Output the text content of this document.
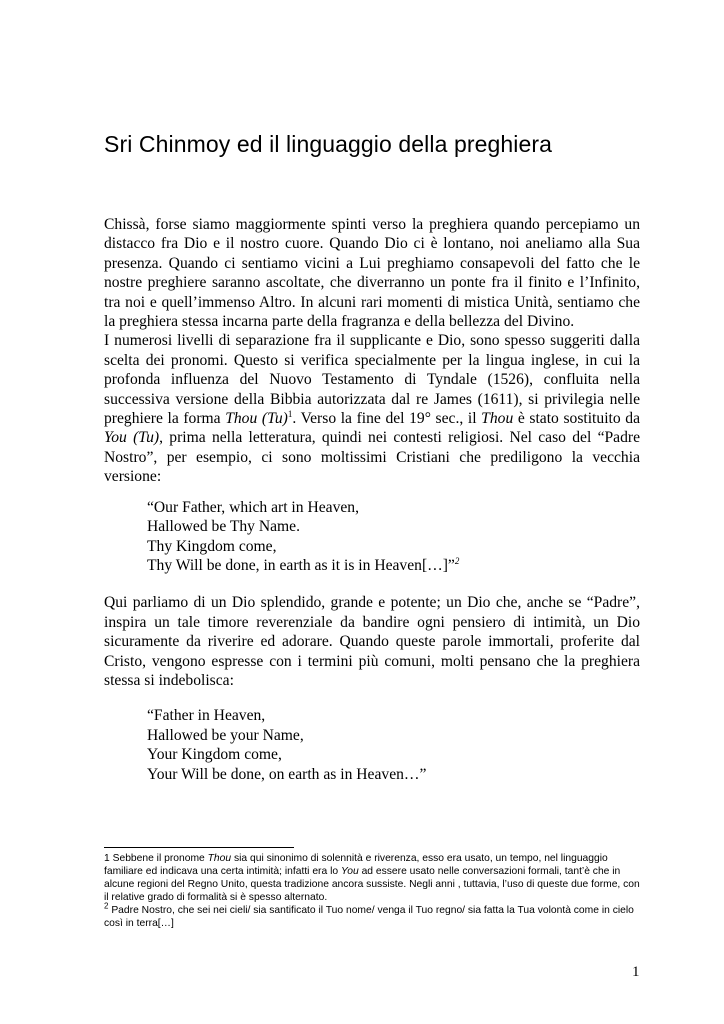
Sri Chinmoy ed il linguaggio della preghiera

Chissà, forse siamo maggiormente spinti verso la preghiera quando percepiamo un distacco fra Dio e il nostro cuore. Quando Dio ci è lontano, noi aneliamo alla Sua presenza. Quando ci sentiamo vicini a Lui preghiamo consapevoli del fatto che le nostre preghiere saranno ascoltate, che diverranno un ponte fra il finito e l’Infinito, tra noi e quell’immenso Altro. In alcuni rari momenti di mistica Unità, sentiamo che la preghiera stessa incarna parte della fragranza e della bellezza del Divino.

I numerosi livelli di separazione fra il supplicante e Dio, sono spesso suggeriti dalla scelta dei pronomi. Questo si verifica specialmente per la lingua inglese, in cui la profonda influenza del Nuovo Testamento di Tyndale (1526), confluita nella successiva versione della Bibbia autorizzata dal re James (1611), si privilegia nelle preghiere la forma Thou $(Tu)^1$. Verso la fine del 19° sec., il Thou è stato sostituito da You (Tu), prima nella letteratura, quindi nei contesti religiosi. Nel caso del “Padre Nostro”, per esempio, ci sono moltissimi Cristiani che prediligono la vecchia versione:

“Our Father, which art in Heaven,
Hallowed be Thy Name.
Thy Kingdom come,
Thy Will be done, in earth as it is in Heaven[…]”$^2$

Qui parliamo di un Dio splendido, grande e potente; un Dio che, anche se “Padre”, inspira un tale timore reverenziale da bandire ogni pensiero di intimità, un Dio sicuramente da riverire ed adorare. Quando queste parole immortali, proferite dal Cristo, vengono espresse con i termini più comuni, molti pensano che la preghiera stessa si indebolisca:

“Father in Heaven,
Hallowed be your Name,
Your Kingdom come,
Your Will be done, on earth as in Heaven…”

1 Sebbene il pronome Thou sia qui sinonimo di solennità e riverenza, esso era usato, un tempo, nel linguaggio familiare ed indicava una certa intimità; infatti era lo You ad essere usato nelle conversazioni formali, tant’è che in alcune regioni del Regno Unito, questa tradizione ancora sussiste. Negli anni , tuttavia, l’uso di queste due forme, con il relative grado di formalità si è spesso alternato.

$^2$ Padre Nostro, che sei nei cieli/ sia santificato il Tuo nome/ venga il Tuo regno/ sia fatta la Tua volontà come in cielo così in terra[…]

1
